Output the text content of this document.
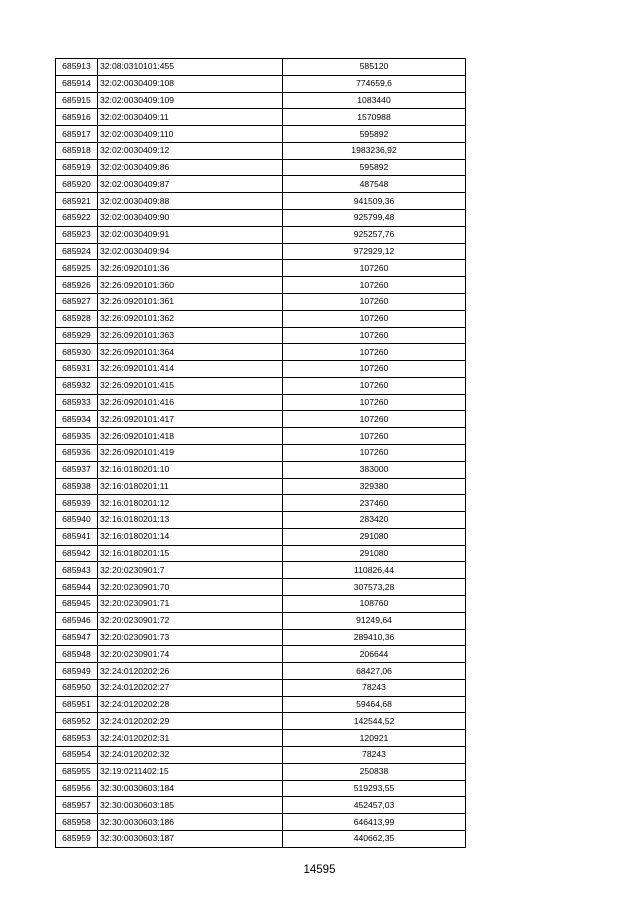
685913	32:08:0310101:455	585120
685914	32:02:0030409:108	774659,6
685915	32:02:0030409:109	1083440
685916	32:02:0030409:11	1570988
685917	32:02:0030409:110	595892
685918	32:02:0030409:12	1983236,92
685919	32:02:0030409:86	595892
685920	32:02:0030409:87	487548
685921	32:02:0030409:88	941509,36
685922	32:02:0030409:90	925799,48
685923	32:02:0030409:91	925257,76
685924	32:02:0030409:94	972929,12
685925	32:26:0920101:36	107260
685926	32:26:0920101:360	107260
685927	32:26:0920101:361	107260
685928	32:26:0920101:362	107260
685929	32:26:0920101:363	107260
685930	32:26:0920101:364	107260
685931	32:26:0920101:414	107260
685932	32:26:0920101:415	107260
685933	32:26:0920101:416	107260
685934	32:26:0920101:417	107260
685935	32:26:0920101:418	107260
685936	32:26:0920101:419	107260
685937	32:16:0180201:10	383000
685938	32:16:0180201:11	329380
685939	32:16:0180201:12	237460
685940	32:16:0180201:13	283420
685941	32:16:0180201:14	291080
685942	32:16:0180201:15	291080
685943	32:20:0230901:7	110826,44
685944	32:20:0230901:70	307573,28
685945	32:20:0230901:71	108760
685946	32:20:0230901:72	91249,64
685947	32:20:0230901:73	289410,36
685948	32:20:0230901:74	206644
685949	32:24:0120202:26	68427,06
685950	32:24:0120202:27	78243
685951	32:24:0120202:28	59464,68
685952	32:24:0120202:29	142544,52
685953	32:24:0120202:31	120921
685954	32:24:0120202:32	78243
685955	32:19:0211402:15	250838
685956	32:30:0030603:184	519293,55
685957	32:30:0030603:185	452457,03
685958	32:30:0030603:186	646413,99
685959	32:30:0030603:187	440662,35
14595
